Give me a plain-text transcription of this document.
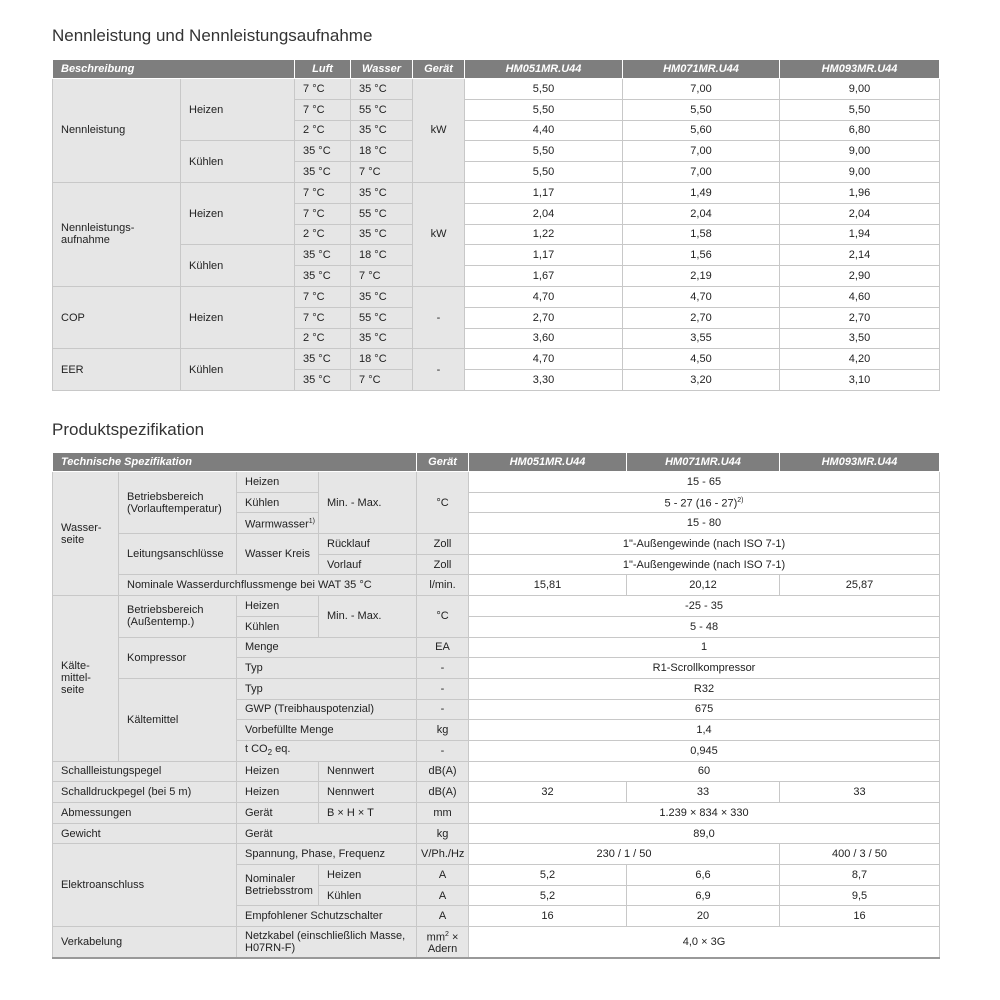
Nennleistung und Nennleistungsaufnahme
Beschreibung		Luft	Wasser	Gerät	HM051MR.U44	HM071MR.U44	HM093MR.U44
Nennleistung	Heizen	7 °C	35 °C	kW	5,50	7,00	9,00
		7 °C	55 °C		5,50	5,50	5,50
		2 °C	35 °C		4,40	5,60	6,80
	Kühlen	35 °C	18 °C		5,50	7,00	9,00
		35 °C	7 °C		5,50	7,00	9,00
Nennleistungs-aufnahme	Heizen	7 °C	35 °C	kW	1,17	1,49	1,96
		7 °C	55 °C		2,04	2,04	2,04
		2 °C	35 °C		1,22	1,58	1,94
	Kühlen	35 °C	18 °C		1,17	1,56	2,14
		35 °C	7 °C		1,67	2,19	2,90
COP	Heizen	7 °C	35 °C	-	4,70	4,70	4,60
		7 °C	55 °C		2,70	2,70	2,70
		2 °C	35 °C		3,60	3,55	3,50
EER	Kühlen	35 °C	18 °C	-	4,70	4,50	4,20
		35 °C	7 °C		3,30	3,20	3,10
Produktspezifikation
Technische Spezifikation				Gerät	HM051MR.U44	HM071MR.U44	HM093MR.U44
Wasser-seite	Betriebsbereich (Vorlauftemperatur)	Heizen	Min. - Max.	°C	15 - 65		
		Kühlen			5 - 27 (16 - 27)$^{2)}$
		Warmwasser$^{1)}$			15 - 80		
	Leitungsanschlüsse	Wasser Kreis	Rücklauf	Zoll	1"-Außengewinde (nach ISO 7-1)		
			Vorlauf	Zoll	1"-Außengewinde (nach ISO 7-1)		
	Nominale Wasserdurchflussmenge bei WAT 35 °C			l/min.	15,81	20,12	25,87
Kälte-mittel-seite	Betriebsbereich (Außentemp.)	Heizen	Min. - Max.	°C	-25 - 35		
		Kühlen			5 - 48		
	Kompressor	Menge		EA	1		
		Typ		-	R1-Scrollkompressor		
	Kältemittel	Typ		-	R32		
		GWP (Treibhauspotenzial)		-	675		
		Vorbefüllte Menge		kg	1,4		
		t $CO_2$ eq.		-	0,945		
Schallleistungspegel		Heizen	Nennwert	dB(A)	60		
Schalldruckpegel (bei 5 m)		Heizen	Nennwert	dB(A)	32	33	33
Abmessungen		Gerät	B × H × T	mm	1.239 × 834 × 330		
Gewicht		Gerät		kg	89,0		
Elektroanschluss		Spannung, Phase, Frequenz		V/Ph./Hz	230 / 1 / 50		400 / 3 / 50
		Nominaler Betriebsstrom	Heizen	A	5,2	6,6	8,7
			Kühlen	A	5,2	6,9	9,5
		Empfohlener Schutzschalter		A	16	20	16
Verkabelung		Netzkabel (einschließlich Masse, H07RN-F)		$mm^2$ × Adern	4,0 × 3G		
